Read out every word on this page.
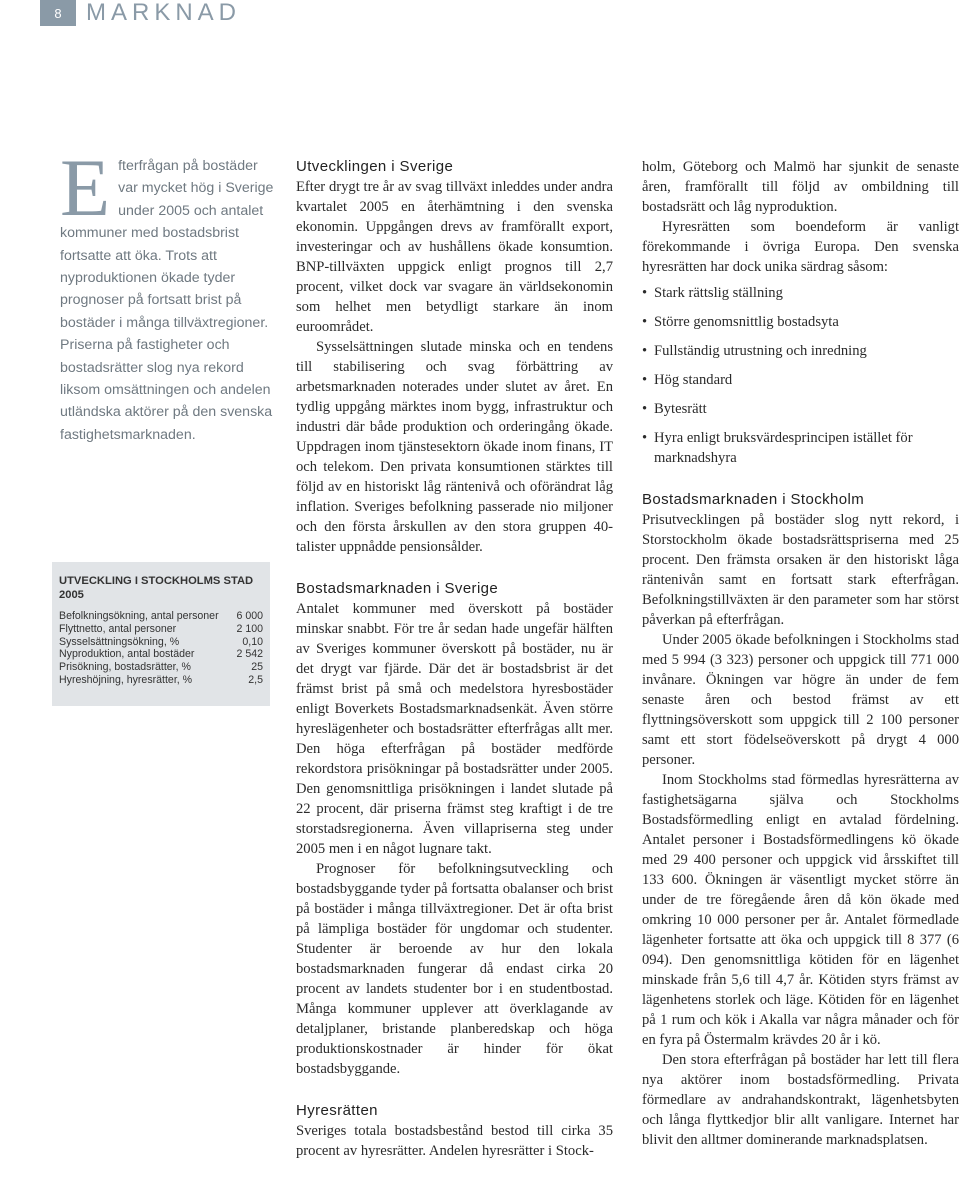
8	MARKNAD
E fterfrågan på bostäder var mycket hög i Sverige under 2005 och antalet kommuner med bostadsbrist fortsatte att öka. Trots att nyproduktionen ökade tyder prognoser på fortsatt brist på bostäder i många tillväxtregioner. Priserna på fastigheter och bostadsrätter slog nya rekord liksom omsättningen och andelen utländska aktörer på den svenska fastighetsmarknaden.

UTVECKLING I STOCKHOLMS STAD 2005
Befolkningsökning, antal personer 6 000
Flyttnetto, antal personer	2 100
Sysselsättningsökning, %	0,10
Nyproduktion, antal bostäder	2 542
Prisökning, bostadsrätter, %	25
Hyreshöjning, hyresrätter, %	2,5
Utvecklingen i Sverige

Efter drygt tre år av svag tillväxt inleddes under andra kvartalet 2005 en återhämtning i den svenska ekonomin. Uppgången drevs av framförallt export, investeringar och av hushållens ökade konsumtion. BNP-tillväxten uppgick enligt prognos till 2,7 procent, vilket dock var svagare än världsekonomin som helhet men betydligt starkare än inom euroområdet.

Sysselsättningen slutade minska och en tendens till stabilisering och svag förbättring av arbetsmarknaden noterades under slutet av året. En tydlig uppgång märktes inom bygg, infrastruktur och industri där både produktion och orderingång ökade. Uppdragen inom tjänstesektorn ökade inom finans, IT och telekom. Den privata konsumtionen stärktes till följd av en historiskt låg räntenivå och oförändrat låg inflation. Sveriges befolkning passerade nio miljoner och den första årskullen av den stora gruppen 40-talister uppnådde pensionsålder.

Bostadsmarknaden i Sverige

Antalet kommuner med överskott på bostäder minskar snabbt. För tre år sedan hade ungefär hälften av Sveriges kommuner överskott på bostäder, nu är det drygt var fjärde. Där det är bostadsbrist är det främst brist på små och medelstora hyresbostäder enligt Boverkets Bostadsmarknadsenkät. Även större hyreslägenheter och bostadsrätter efterfrågas allt mer. Den höga efterfrågan på bostäder medförde rekordstora prisökningar på bostadsrätter under 2005. Den genomsnittliga prisökningen i landet slutade på 22 procent, där priserna främst steg kraftigt i de tre storstadsregionerna. Även villapriserna steg under 2005 men i en något lugnare takt.

Prognoser för befolkningsutveckling och bostadsbyggande tyder på fortsatta obalanser och brist på bostäder i många tillväxtregioner. Det är ofta brist på lämpliga bostäder för ungdomar och studenter. Studenter är beroende av hur den lokala bostadsmarknaden fungerar då endast cirka 20 procent av landets studenter bor i en studentbostad. Många kommuner upplever att överklagande av detaljplaner, bristande planberedskap och höga produktionskostnader är hinder för ökat bostadsbyggande.

Hyresrätten

Sveriges totala bostadsbestånd bestod till cirka 35 procent av hyresrätter. Andelen hyresrätter i Stock-

holm, Göteborg och Malmö har sjunkit de senaste åren, framförallt till följd av ombildning till bostadsrätt och låg nyproduktion.

Hyresrätten som boendeform är vanligt förekommande i övriga Europa. Den svenska hyresrätten har dock unika särdrag såsom:

• Stark rättslig ställning
• Större genomsnittlig bostadsyta
• Fullständig utrustning och inredning
• Hög standard
• Bytesrätt
• Hyra enligt bruksvärdesprincipen istället för marknadshyra
Bostadsmarknaden i Stockholm

Prisutvecklingen på bostäder slog nytt rekord, i Storstockholm ökade bostadsrättspriserna med 25 procent. Den främsta orsaken är den historiskt låga räntenivån samt en fortsatt stark efterfrågan. Befolkningstillväxten är den parameter som har störst påverkan på efterfrågan.

Under 2005 ökade befolkningen i Stockholms stad med 5 994 (3 323) personer och uppgick till 771 000 invånare. Ökningen var högre än under de fem senaste åren och bestod främst av ett flyttningsöverskott som uppgick till 2 100 personer samt ett stort födelseöverskott på drygt 4 000 personer.

Inom Stockholms stad förmedlas hyresrätterna av fastighetsägarna själva och Stockholms Bostadsförmedling enligt en avtalad fördelning. Antalet personer i Bostadsförmedlingens kö ökade med 29 400 personer och uppgick vid årsskiftet till 133 600. Ökningen är väsentligt mycket större än under de tre föregående åren då kön ökade med omkring 10 000 personer per år. Antalet förmedlade lägenheter fortsatte att öka och uppgick till 8 377 (6 094). Den genomsnittliga kötiden för en lägenhet minskade från 5,6 till 4,7 år. Kötiden styrs främst av lägenhetens storlek och läge. Kötiden för en lägenhet på 1 rum och kök i Akalla var några månader och för en fyra på Östermalm krävdes 20 år i kö.

Den stora efterfrågan på bostäder har lett till flera nya aktörer inom bostadsförmedling. Privata förmedlare av andrahandskontrakt, lägenhetsbyten och långa flyttkedjor blir allt vanligare. Internet har blivit den alltmer dominerande marknadsplatsen.
